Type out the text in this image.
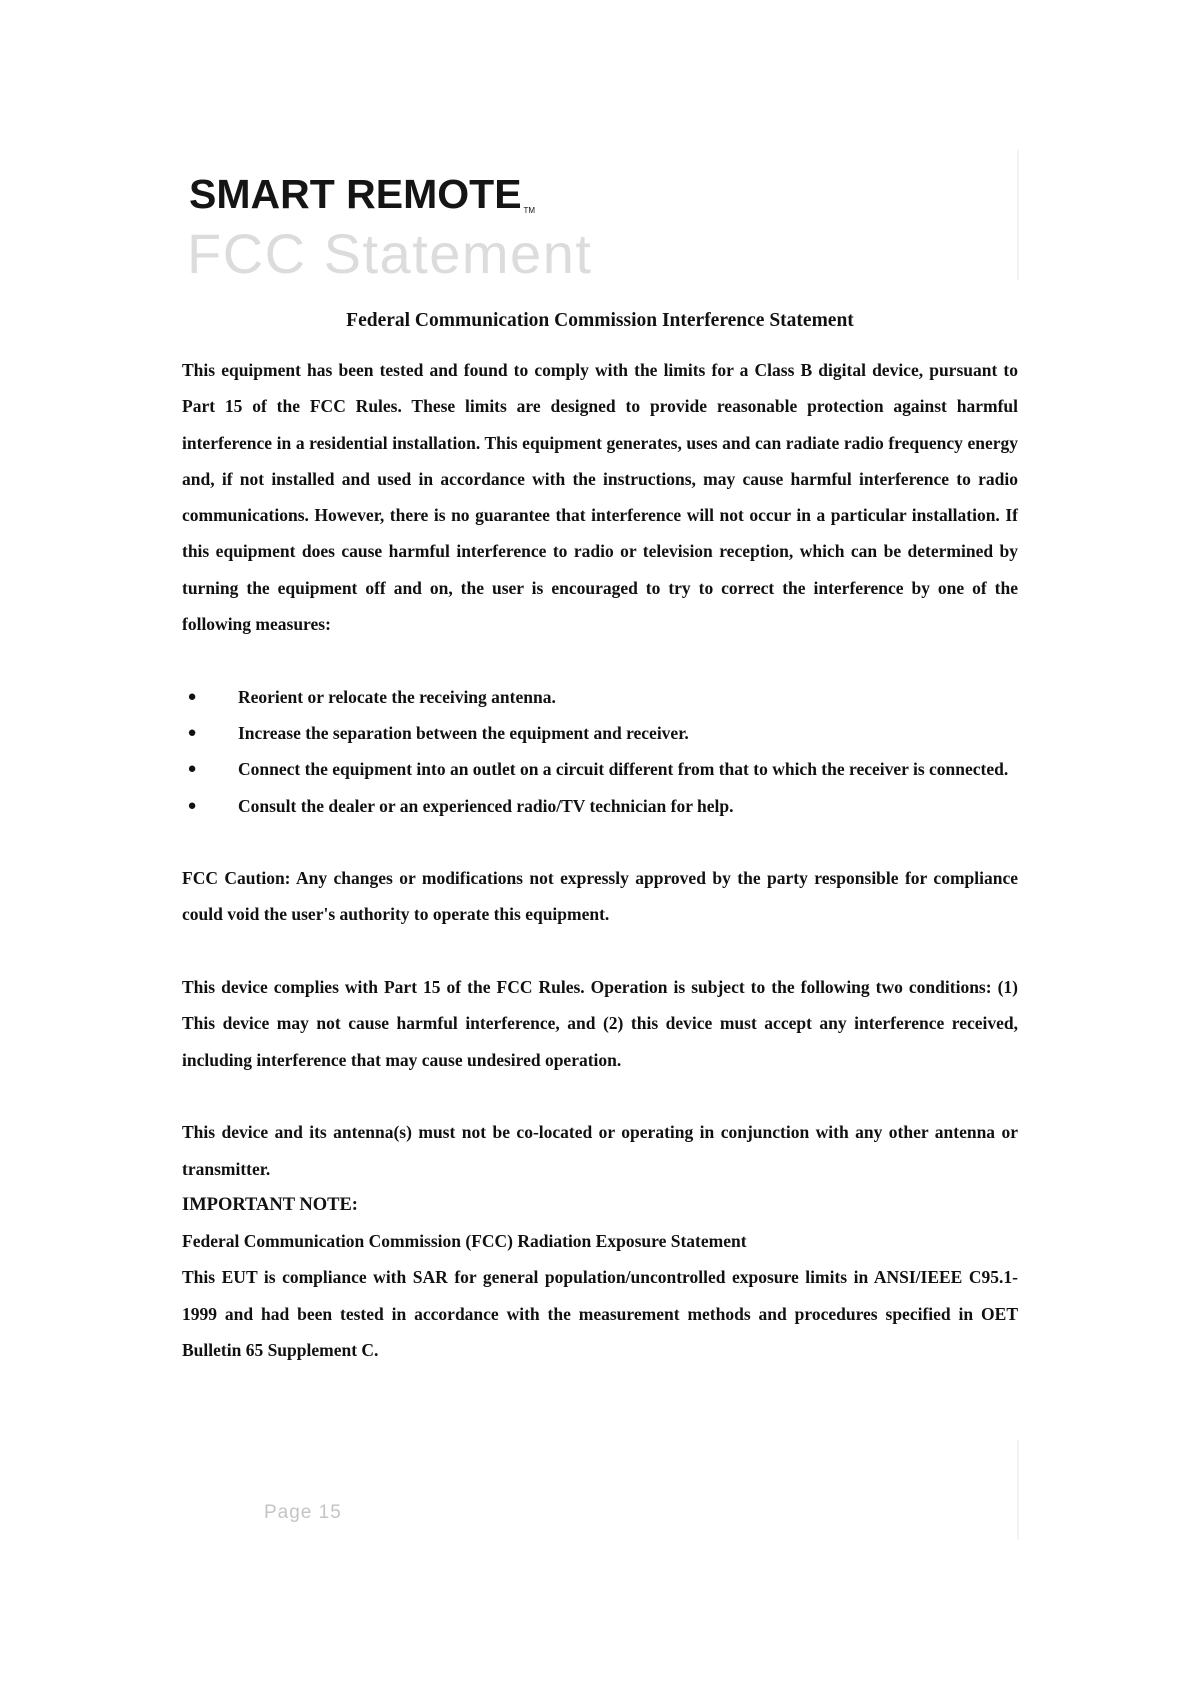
SMART REMOTE TM
FCC Statement
Federal Communication Commission Interference Statement

This equipment has been tested and found to comply with the limits for a Class B digital device, pursuant to Part 15 of the FCC Rules. These limits are designed to provide reasonable protection against harmful interference in a residential installation. This equipment generates, uses and can radiate radio frequency energy and, if not installed and used in accordance with the instructions, may cause harmful interference to radio communications. However, there is no guarantee that interference will not occur in a particular installation. If this equipment does cause harmful interference to radio or television reception, which can be determined by turning the equipment off and on, the user is encouraged to try to correct the interference by one of the following measures:

●	Reorient or relocate the receiving antenna.
●	Increase the separation between the equipment and receiver.
●	Connect the equipment into an outlet on a circuit different from that to which the receiver is connected.
●	Consult the dealer or an experienced radio/TV technician for help.

FCC Caution: Any changes or modifications not expressly approved by the party responsible for compliance could void the user's authority to operate this equipment.

This device complies with Part 15 of the FCC Rules. Operation is subject to the following two conditions: (1) This device may not cause harmful interference, and (2) this device must accept any interference received, including interference that may cause undesired operation.

This device and its antenna(s) must not be co-located or operating in conjunction with any other antenna or transmitter.

IMPORTANT NOTE:

Federal Communication Commission (FCC) Radiation Exposure Statement

This EUT is compliance with SAR for general population/uncontrolled exposure limits in ANSI/IEEE C95.1-1999 and had been tested in accordance with the measurement methods and procedures specified in OET Bulletin 65 Supplement C.

Page 15
